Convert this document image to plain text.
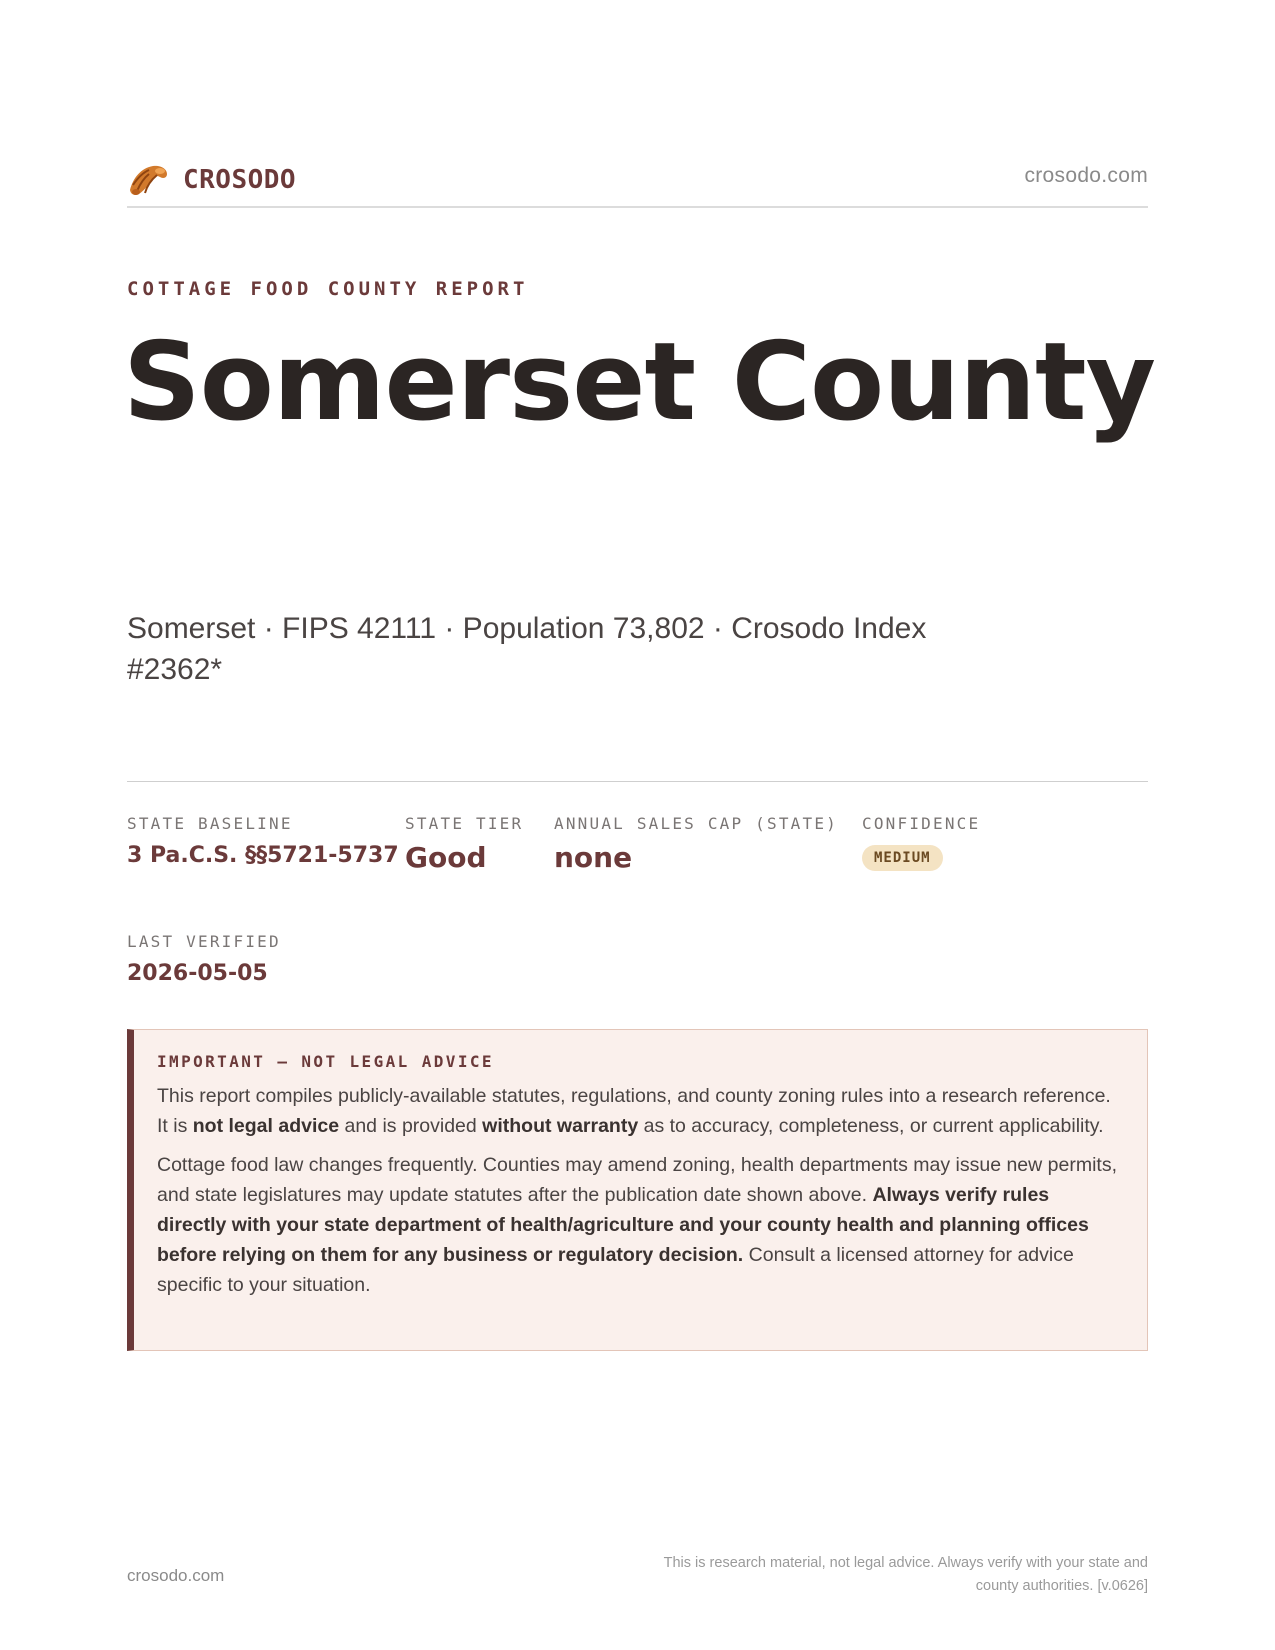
CROSODO	crosodo.com
COTTAGE FOOD COUNTY REPORT
Somerset County
Somerset · FIPS 42111 · Population 73,802 · Crosodo Index #2362*
STATE BASELINE
3 Pa.C.S. §§5721-5737
STATE TIER
Good
ANNUAL SALES CAP (STATE)
none
CONFIDENCE
MEDIUM
LAST VERIFIED
2026-05-05
IMPORTANT — NOT LEGAL ADVICE

This report compiles publicly-available statutes, regulations, and county zoning rules into a research reference. It is not legal advice and is provided without warranty as to accuracy, completeness, or current applicability.

Cottage food law changes frequently. Counties may amend zoning, health departments may issue new permits, and state legislatures may update statutes after the publication date shown above. Always verify rules directly with your state department of health/agriculture and your county health and planning offices before relying on them for any business or regulatory decision. Consult a licensed attorney for advice specific to your situation.

crosodo.com
This is research material, not legal advice. Always verify with your state and county authorities. [v.0626]
